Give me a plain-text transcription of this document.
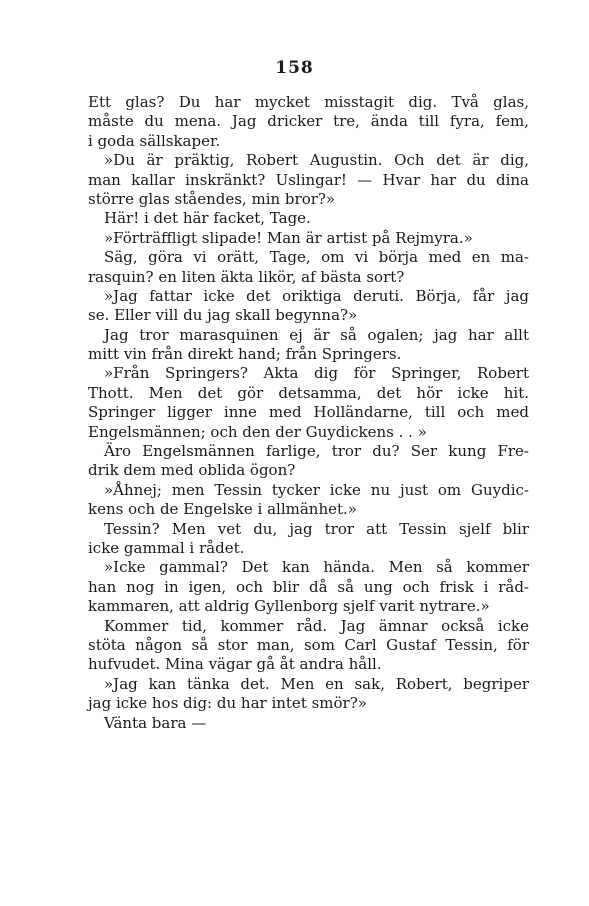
158
Ett glas? Du har mycket misstagit dig. Två glas,
måste du mena. Jag dricker tre, ända till fyra, fem,
i goda sällskaper.
»Du är präktig, Robert Augustin. Och det är dig,
man kallar inskränkt? Uslingar! — Hvar har du dina
större glas ståendes, min bror?»
Här! i det här facket, Tage.
»Förträffligt slipade! Man är artist på Rejmyra.»
Säg, göra vi orätt, Tage, om vi börja med en ma-
rasquin? en liten äkta likör, af bästa sort?
»Jag fattar icke det oriktiga deruti. Börja, får jag
se. Eller vill du jag skall begynna?»
Jag tror marasquinen ej är så ogalen; jag har allt
mitt vin från direkt hand; från Springers.
»Från Springers? Akta dig för Springer, Robert
Thott. Men det gör detsamma, det hör icke hit.
Springer ligger inne med Holländarne, till och med
Engelsmännen; och den der Guydickens . . »
Äro Engelsmännen farlige, tror du? Ser kung Fre-
drik dem med oblida ögon?
»Åhnej; men Tessin tycker icke nu just om Guydic-
kens och de Engelske i allmänhet.»
Tessin? Men vet du, jag tror att Tessin sjelf blir
icke gammal i rådet.
»Icke gammal? Det kan hända. Men så kommer
han nog in igen, och blir då så ung och frisk i råd-
kammaren, att aldrig Gyllenborg sjelf varit nytrare.»
Kommer tid, kommer råd. Jag ämnar också icke
stöta någon så stor man, som Carl Gustaf Tessin, för
hufvudet. Mina vägar gå åt andra håll.
»Jag kan tänka det. Men en sak, Robert, begriper
jag icke hos dig: du har intet smör?»
Vänta bara —
